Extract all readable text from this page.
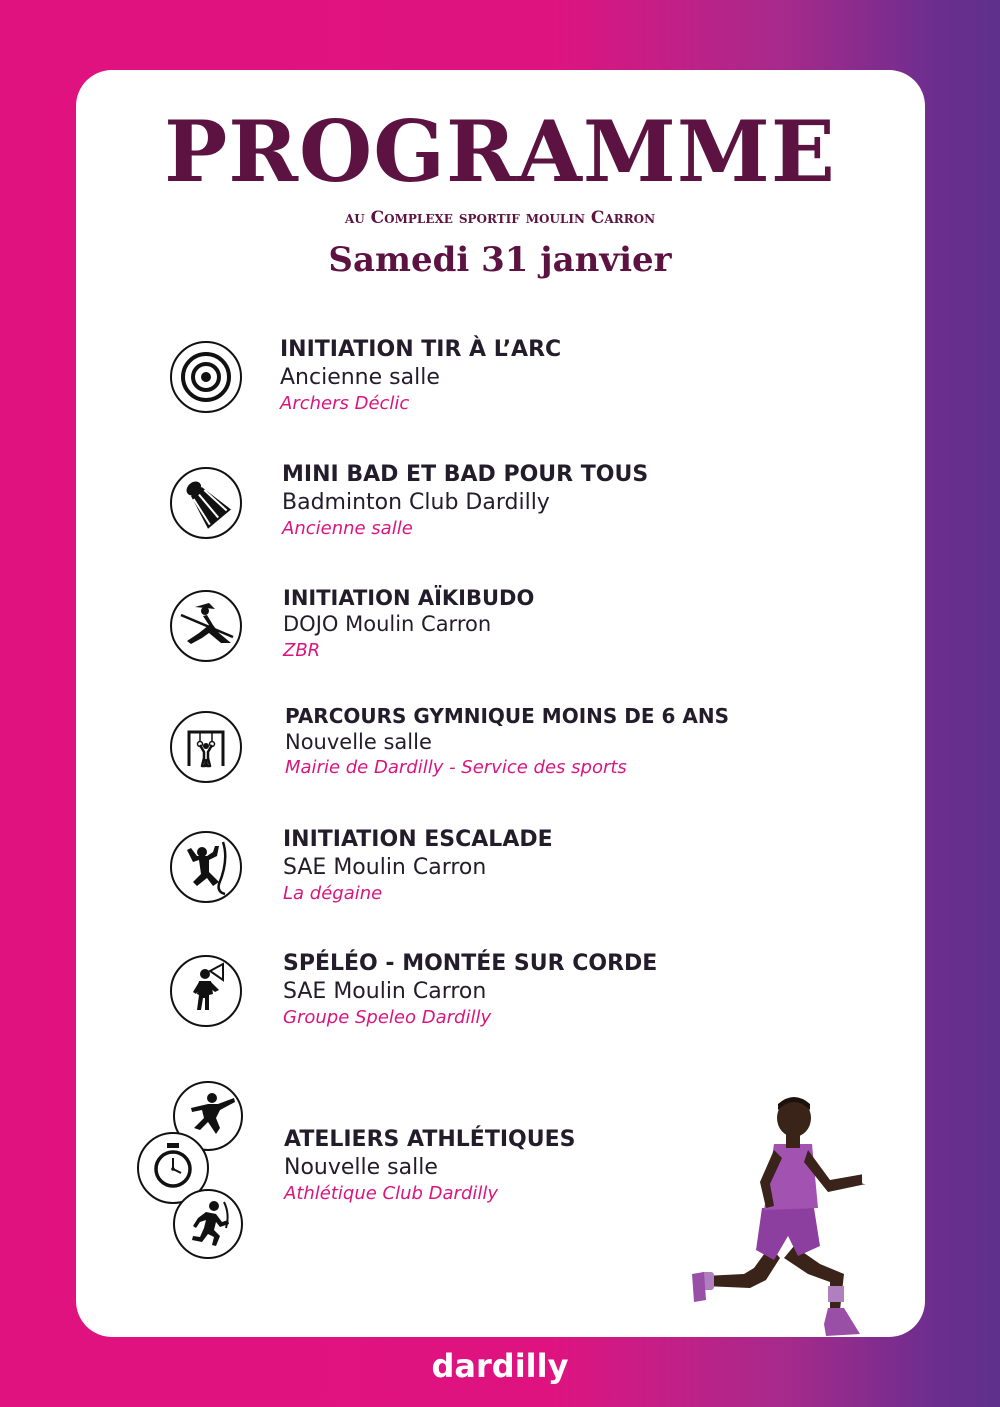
PROGRAMME
au Complexe sportif moulin Carron
Samedi 31 janvier
INITIATION TIR À L’ARC
Ancienne salle
Archers Déclic
MINI BAD ET BAD POUR TOUS
Badminton Club Dardilly
Ancienne salle
INITIATION AÏKIBUDO
DOJO Moulin Carron
ZBR
PARCOURS GYMNIQUE MOINS DE 6 ANS
Nouvelle salle
Mairie de Dardilly - Service des sports
INITIATION ESCALADE
SAE Moulin Carron
La dégaine
SPÉLÉO - MONTÉE SUR CORDE
SAE Moulin Carron
Groupe Speleo Dardilly
ATELIERS ATHLÉTIQUES
Nouvelle salle
Athlétique Club Dardilly
dardilly
